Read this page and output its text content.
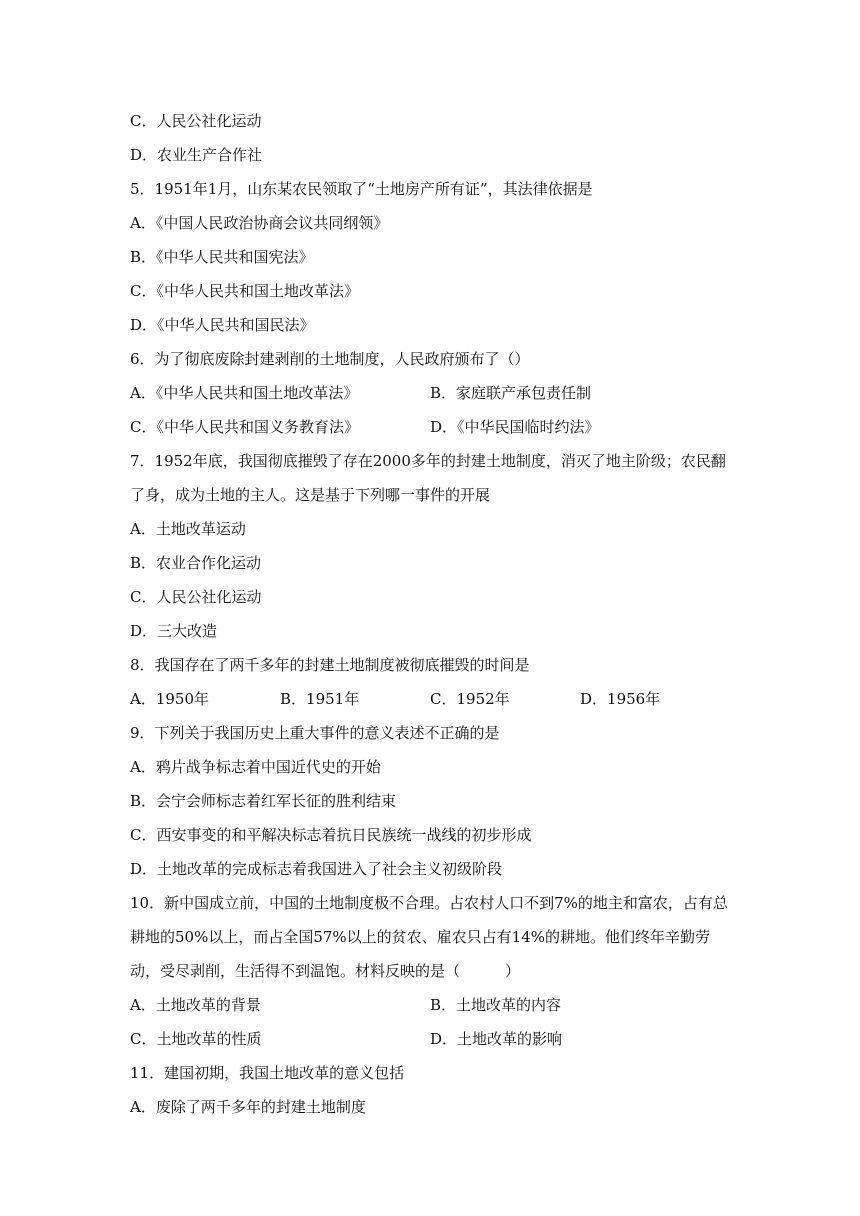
C．人民公社化运动
D．农业生产合作社
5．1951年1月，山东某农民领取了“土地房产所有证”，其法律依据是
A．《中国人民政治协商会议共同纲领》
B．《中华人民共和国宪法》
C．《中华人民共和国土地改革法》
D．《中华人民共和国民法》
6．为了彻底废除封建剥削的土地制度，人民政府颁布了（）
A．《中华人民共和国土地改革法》	B．家庭联产承包责任制
C．《中华人民共和国义务教育法》	D．《中华民国临时约法》
7．1952年底，我国彻底摧毁了存在2000多年的封建土地制度，消灭了地主阶级；农民翻了身，成为土地的主人。这是基于下列哪一事件的开展
A．土地改革运动
B．农业合作化运动
C．人民公社化运动
D．三大改造
8．我国存在了两千多年的封建土地制度被彻底摧毁的时间是
A．1950年	B．1951年	C．1952年	D．1956年
9．下列关于我国历史上重大事件的意义表述不正确的是
A．鸦片战争标志着中国近代史的开始
B．会宁会师标志着红军长征的胜利结束
C．西安事变的和平解决标志着抗日民族统一战线的初步形成
D．土地改革的完成标志着我国进入了社会主义初级阶段
10．新中国成立前，中国的土地制度极不合理。占农村人口不到7%的地主和富农，占有总耕地的50%以上，而占全国57%以上的贫农、雇农只占有14%的耕地。他们终年辛勤劳动，受尽剥削，生活得不到温饱。材料反映的是（　　　）
A．土地改革的背景	B．土地改革的内容
C．土地改革的性质	D．土地改革的影响
11．建国初期，我国土地改革的意义包括
A．废除了两千多年的封建土地制度
